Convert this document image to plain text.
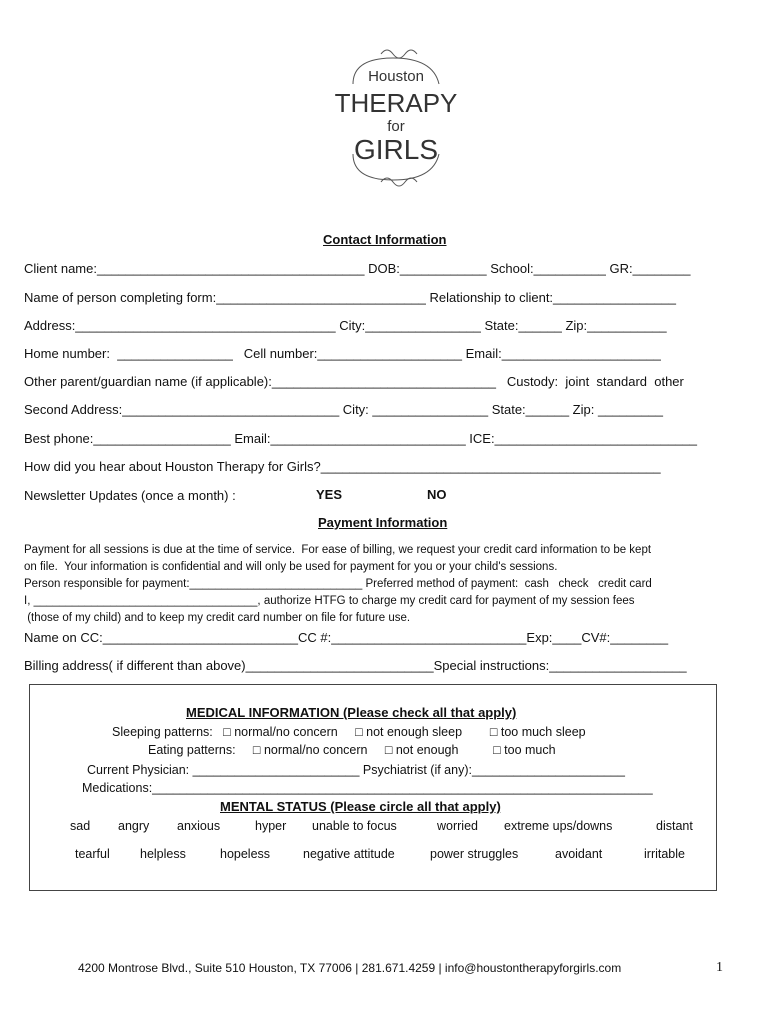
Houston
THERAPY
for
GIRLS
Contact Information
Client name:_____________________________________ DOB:____________ School:__________ GR:________
Name of person completing form:_____________________________ Relationship to client:_________________
Address:____________________________________ City:________________ State:______ Zip:___________
Home number:  ________________   Cell number:____________________ Email:______________________
Other parent/guardian name (if applicable):_______________________________   Custody:  joint  standard  other
Second Address:______________________________ City: ________________ State:______ Zip: _________
Best phone:___________________ Email:___________________________ ICE:____________________________
How did you hear about Houston Therapy for Girls?_______________________________________________
Newsletter Updates (once a month) :	YES	NO
Payment Information
Payment for all sessions is due at the time of service.  For ease of billing, we request your credit card information to be kept
on file.  Your information is confidential and will only be used for payment for you or your child's sessions.
Person responsible for payment:___________________________ Preferred method of payment:  cash   check   credit card
I, ___________________________________, authorize HTFG to charge my credit card for payment of my session fees
(those of my child) and to keep my credit card number on file for future use.
Name on CC:___________________________CC #:___________________________Exp:____CV#:________
Billing address( if different than above)__________________________Special instructions:___________________
MEDICAL INFORMATION (Please check all that apply)
Sleeping patterns:   □ normal/no concern     □ not enough sleep        □ too much sleep
Eating patterns:     □ normal/no concern     □ not enough          □ too much
Current Physician: ________________________ Psychiatrist (if any):______________________
Medications:________________________________________________________________________
MENTAL STATUS (Please circle all that apply)
sad angry anxious	hyper unable to focus	worried extreme ups/downs	distant
tearful helpless	hopeless	negative attitude	power struggles	avoidant	irritable
4200 Montrose Blvd., Suite 510 Houston, TX 77006 | 281.671.4259 | info@houstontherapyforgirls.com	1
